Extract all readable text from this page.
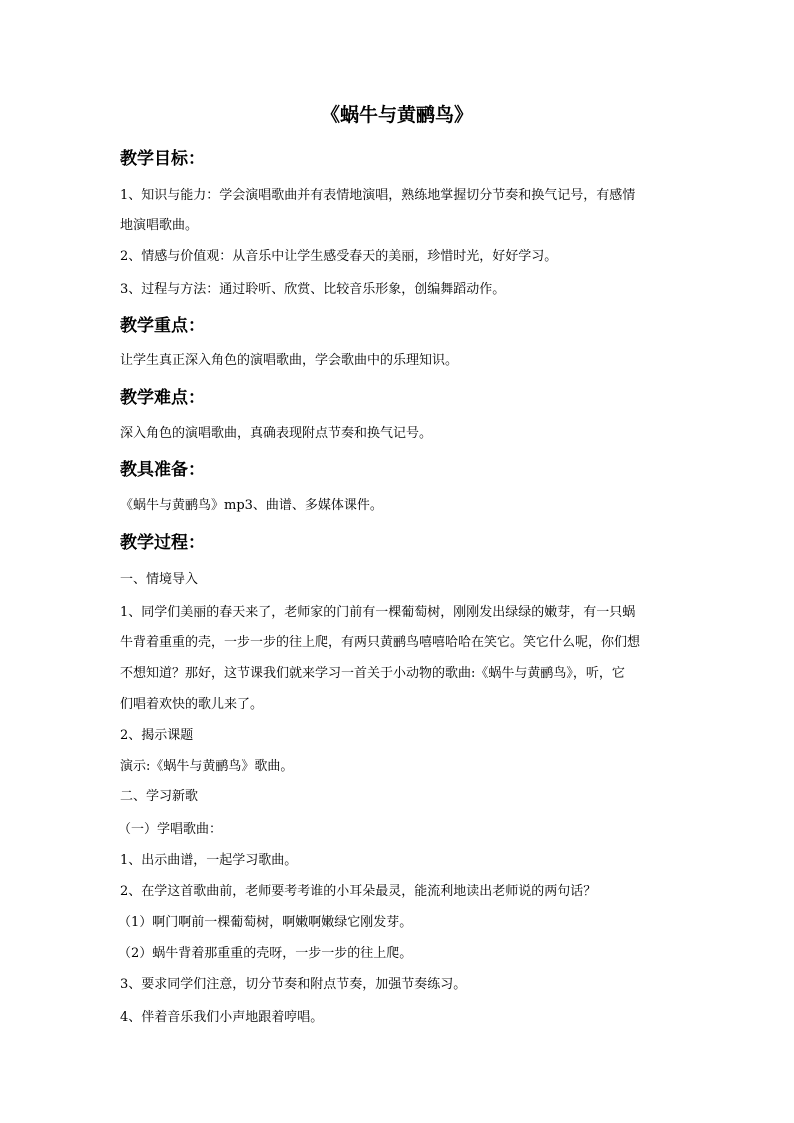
《蜗牛与黄鹂鸟》
教学目标：
1、知识与能力：学会演唱歌曲并有表情地演唱，熟练地掌握切分节奏和换气记号，有感情
地演唱歌曲。
2、情感与价值观：从音乐中让学生感受春天的美丽，珍惜时光，好好学习。
3、过程与方法：通过聆听、欣赏、比较音乐形象，创编舞蹈动作。
教学重点：
让学生真正深入角色的演唱歌曲，学会歌曲中的乐理知识。
教学难点：
深入角色的演唱歌曲，真确表现附点节奏和换气记号。
教具准备：
《蜗牛与黄鹂鸟》mp3、曲谱、多媒体课件。
教学过程：
一、情境导入
1、同学们美丽的春天来了，老师家的门前有一棵葡萄树，刚刚发出绿绿的嫩芽，有一只蜗
牛背着重重的壳，一步一步的往上爬，有两只黄鹂鸟嘻嘻哈哈在笑它。笑它什么呢，你们想
不想知道？那好，这节课我们就来学习一首关于小动物的歌曲:《蜗牛与黄鹂鸟》，听，它
们唱着欢快的歌儿来了。
2、揭示课题
演示:《蜗牛与黄鹂鸟》歌曲。
二、学习新歌
（一）学唱歌曲：
1、出示曲谱，一起学习歌曲。
2、在学这首歌曲前，老师要考考谁的小耳朵最灵，能流利地读出老师说的两句话？
（1）啊门啊前一棵葡萄树，啊嫩啊嫩绿它刚发芽。
（2）蜗牛背着那重重的壳呀，一步一步的往上爬。
3、要求同学们注意，切分节奏和附点节奏，加强节奏练习。
4、伴着音乐我们小声地跟着哼唱。
